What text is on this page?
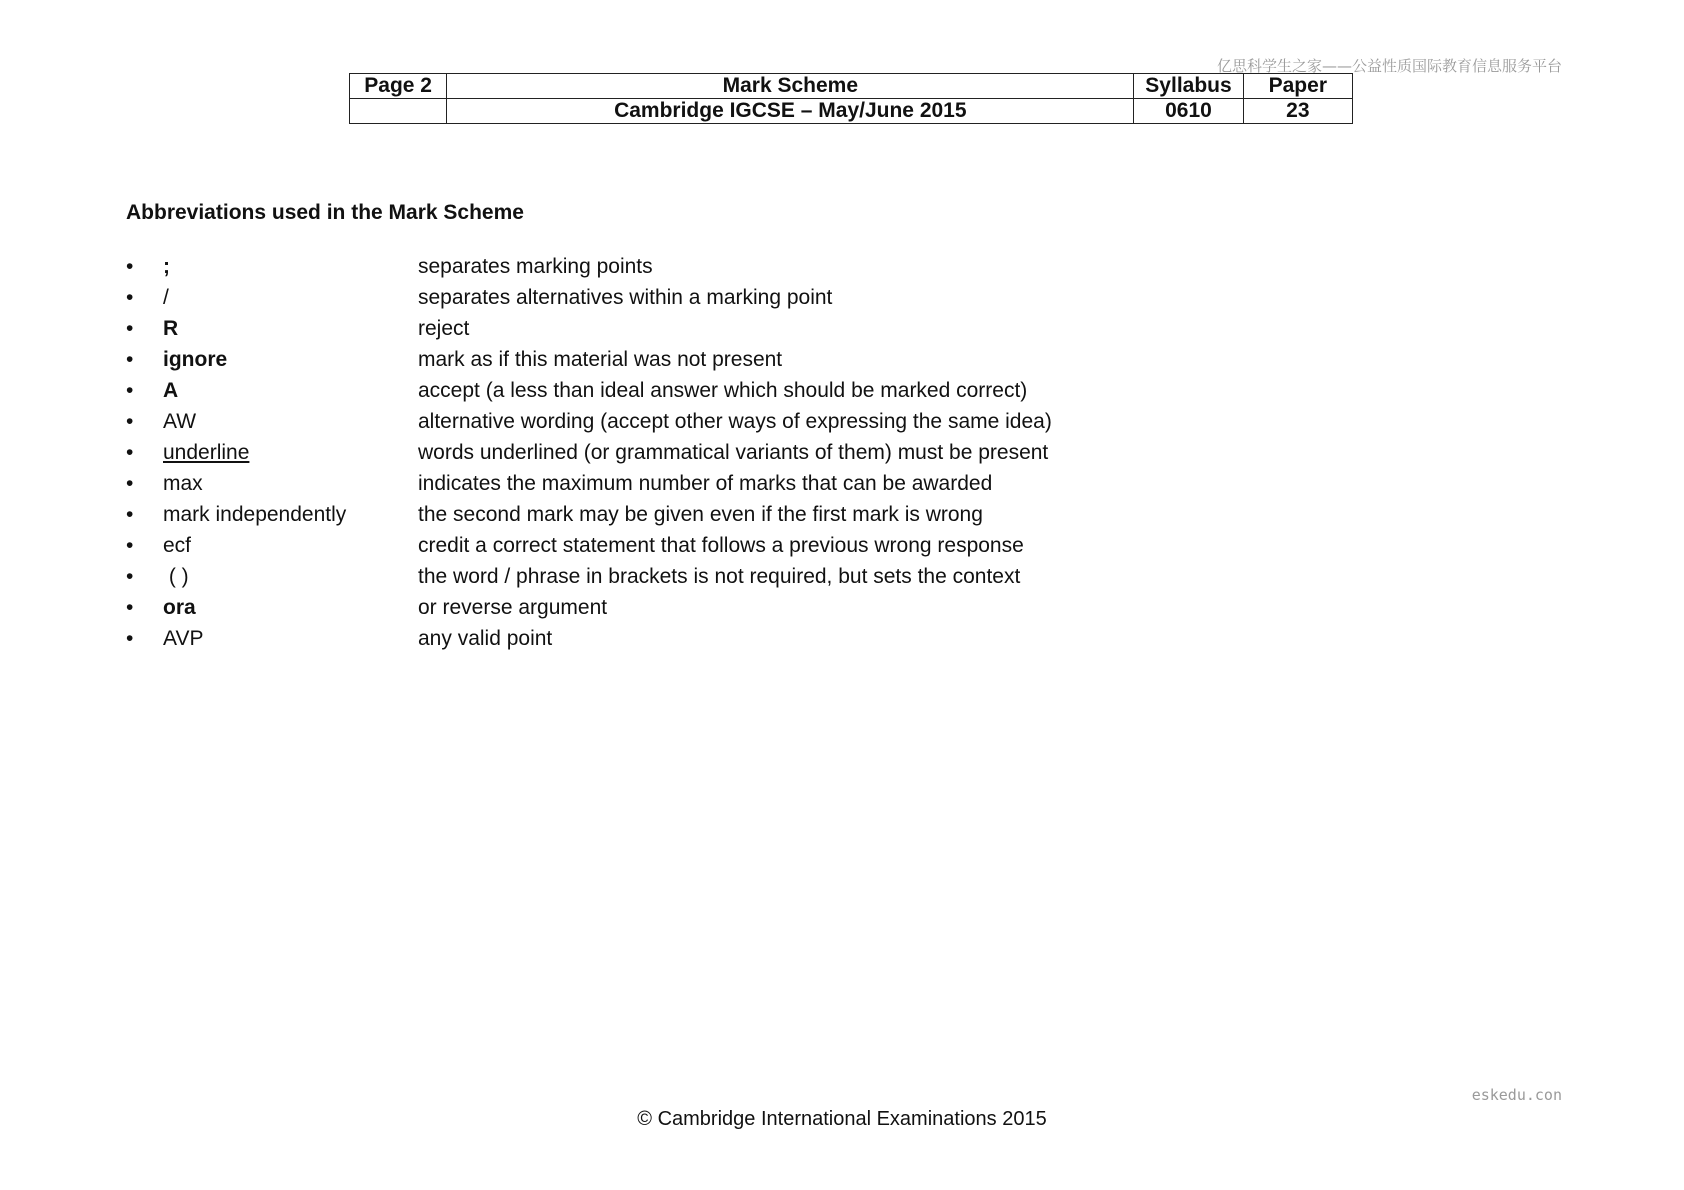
亿思科学生之家——公益性质国际教育信息服务平台
Page 2	Mark Scheme	Syllabus	Paper
	Cambridge IGCSE – May/June 2015	0610	23
Abbreviations used in the Mark Scheme
•	;	separates marking points
•	/	separates alternatives within a marking point
•	R	reject
•	ignore	mark as if this material was not present
•	A	accept (a less than ideal answer which should be marked correct)
•	AW	alternative wording (accept other ways of expressing the same idea)
•	underline	words underlined (or grammatical variants of them) must be present
•	max	indicates the maximum number of marks that can be awarded
•	mark independently	the second mark may be given even if the first mark is wrong
•	ecf	credit a correct statement that follows a previous wrong response
•	( )	the word / phrase in brackets is not required, but sets the context
•	ora	or reverse argument
•	AVP	any valid point
eskedu.con
© Cambridge International Examinations 2015
